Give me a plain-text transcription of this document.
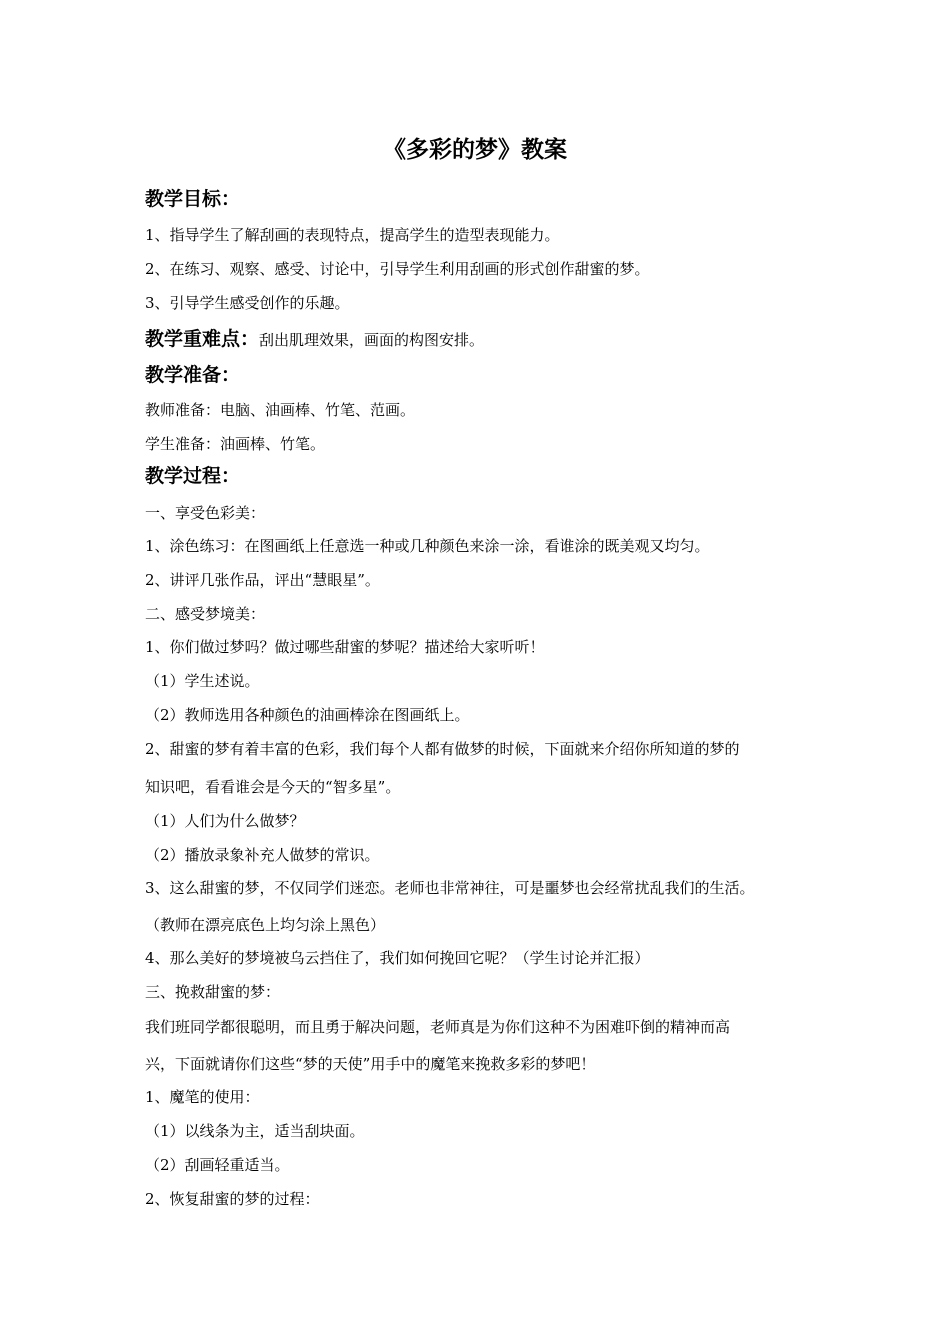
《多彩的梦》教案
教学目标：
1、指导学生了解刮画的表现特点，提高学生的造型表现能力。
2、在练习、观察、感受、讨论中，引导学生利用刮画的形式创作甜蜜的梦。
3、引导学生感受创作的乐趣。
教学重难点：刮出肌理效果，画面的构图安排。
教学准备：
教师准备：电脑、油画棒、竹笔、范画。
学生准备：油画棒、竹笔。
教学过程：
一、享受色彩美：
1、涂色练习：在图画纸上任意选一种或几种颜色来涂一涂，看谁涂的既美观又均匀。
2、讲评几张作品，评出“慧眼星”。
二、感受梦境美：
1、你们做过梦吗？做过哪些甜蜜的梦呢？描述给大家听听！
（1）学生述说。
（2）教师选用各种颜色的油画棒涂在图画纸上。
2、甜蜜的梦有着丰富的色彩，我们每个人都有做梦的时候，下面就来介绍你所知道的梦的
知识吧，看看谁会是今天的“智多星”。
（1）人们为什么做梦？
（2）播放录象补充人做梦的常识。
3、这么甜蜜的梦，不仅同学们迷恋。老师也非常神往，可是噩梦也会经常扰乱我们的生活。
（教师在漂亮底色上均匀涂上黑色）
4、那么美好的梦境被乌云挡住了，我们如何挽回它呢？（学生讨论并汇报）
三、挽救甜蜜的梦：
我们班同学都很聪明，而且勇于解决问题，老师真是为你们这种不为困难吓倒的精神而高
兴，下面就请你们这些“梦的天使”用手中的魔笔来挽救多彩的梦吧！
1、魔笔的使用：
（1）以线条为主，适当刮块面。
（2）刮画轻重适当。
2、恢复甜蜜的梦的过程：
